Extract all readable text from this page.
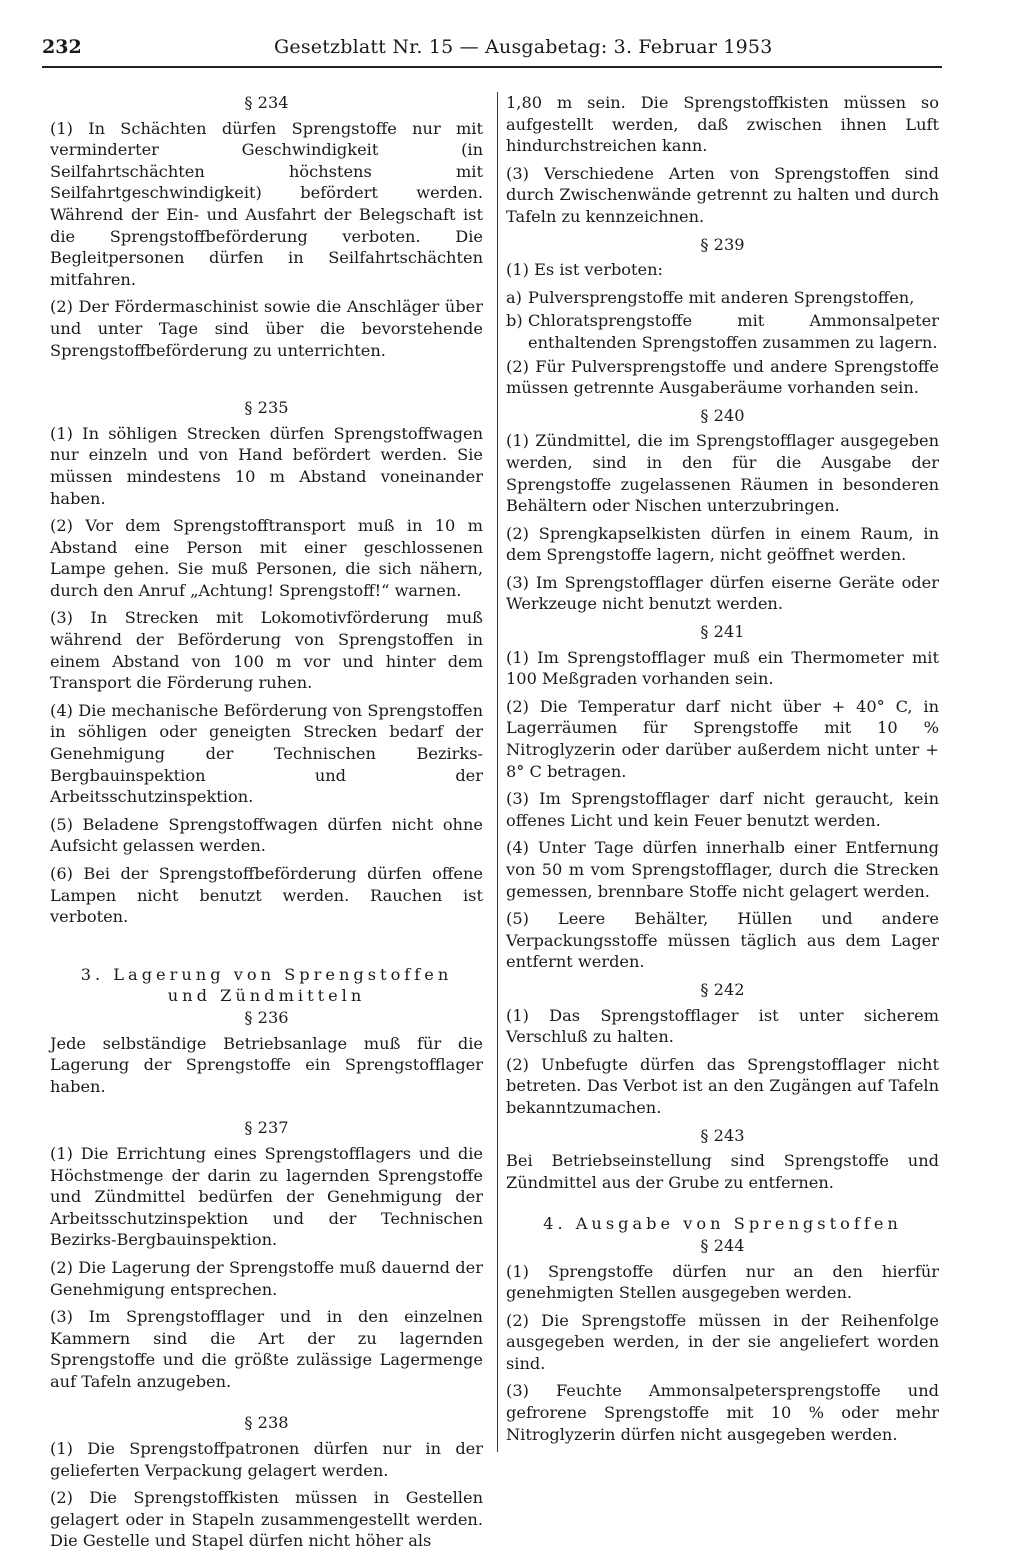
232	Gesetzblatt Nr. 15 — Ausgabetag: 3. Februar 1953

§ 234

(1) In Schächten dürfen Sprengstoffe nur mit verminderter Geschwindigkeit (in Seilfahrtschächten höchstens mit Seilfahrtgeschwindigkeit) befördert werden. Während der Ein- und Ausfahrt der Belegschaft ist die Sprengstoffbeförderung verboten. Die Begleitpersonen dürfen in Seilfahrtschächten mitfahren.

(2) Der Fördermaschinist sowie die Anschläger über und unter Tage sind über die bevorstehende Sprengstoffbeförderung zu unterrichten.

§ 235

(1) In söhligen Strecken dürfen Sprengstoffwagen nur einzeln und von Hand befördert werden. Sie müssen mindestens 10 m Abstand voneinander haben.

(2) Vor dem Sprengstofftransport muß in 10 m Abstand eine Person mit einer geschlossenen Lampe gehen. Sie muß Personen, die sich nähern, durch den Anruf „Achtung! Sprengstoff!“ warnen.

(3) In Strecken mit Lokomotivförderung muß während der Beförderung von Sprengstoffen in einem Abstand von 100 m vor und hinter dem Transport die Förderung ruhen.

(4) Die mechanische Beförderung von Sprengstoffen in söhligen oder geneigten Strecken bedarf der Genehmigung der Technischen Bezirks-Bergbauinspektion und der Arbeitsschutzinspektion.

(5) Beladene Sprengstoffwagen dürfen nicht ohne Aufsicht gelassen werden.

(6) Bei der Sprengstoffbeförderung dürfen offene Lampen nicht benutzt werden. Rauchen ist verboten.

3. Lagerung von Sprengstoffen

und Zündmitteln

§ 236

Jede selbständige Betriebsanlage muß für die Lagerung der Sprengstoffe ein Sprengstofflager haben.

§ 237

(1) Die Errichtung eines Sprengstofflagers und die Höchstmenge der darin zu lagernden Sprengstoffe und Zündmittel bedürfen der Genehmigung der Arbeitsschutzinspektion und der Technischen Bezirks-Bergbauinspektion.

(2) Die Lagerung der Sprengstoffe muß dauernd der Genehmigung entsprechen.

(3) Im Sprengstofflager und in den einzelnen Kammern sind die Art der zu lagernden Sprengstoffe und die größte zulässige Lagermenge auf Tafeln anzugeben.

§ 238

(1) Die Sprengstoffpatronen dürfen nur in der gelieferten Verpackung gelagert werden.

(2) Die Sprengstoffkisten müssen in Gestellen gelagert oder in Stapeln zusammengestellt werden. Die Gestelle und Stapel dürfen nicht höher als

1,80 m sein. Die Sprengstoffkisten müssen so aufgestellt werden, daß zwischen ihnen Luft hindurchstreichen kann.

(3) Verschiedene Arten von Sprengstoffen sind durch Zwischenwände getrennt zu halten und durch Tafeln zu kennzeichnen.

§ 239

(1) Es ist verboten:

a) Pulversprengstoffe mit anderen Sprengstoffen,
b) Chloratsprengstoffe mit Ammonsalpeter enthaltenden Sprengstoffen zusammen zu lagern.

(2) Für Pulversprengstoffe und andere Sprengstoffe müssen getrennte Ausgaberäume vorhanden sein.

§ 240

(1) Zündmittel, die im Sprengstofflager ausgegeben werden, sind in den für die Ausgabe der Sprengstoffe zugelassenen Räumen in besonderen Behältern oder Nischen unterzubringen.

(2) Sprengkapselkisten dürfen in einem Raum, in dem Sprengstoffe lagern, nicht geöffnet werden.

(3) Im Sprengstofflager dürfen eiserne Geräte oder Werkzeuge nicht benutzt werden.

§ 241

(1) Im Sprengstofflager muß ein Thermometer mit 100 Meßgraden vorhanden sein.

(2) Die Temperatur darf nicht über + 40° C, in Lagerräumen für Sprengstoffe mit 10 % Nitroglyzerin oder darüber außerdem nicht unter + 8° C betragen.

(3) Im Sprengstofflager darf nicht geraucht, kein offenes Licht und kein Feuer benutzt werden.

(4) Unter Tage dürfen innerhalb einer Entfernung von 50 m vom Sprengstofflager, durch die Strecken gemessen, brennbare Stoffe nicht gelagert werden.

(5) Leere Behälter, Hüllen und andere Verpackungsstoffe müssen täglich aus dem Lager entfernt werden.

§ 242

(1) Das Sprengstofflager ist unter sicherem Verschluß zu halten.

(2) Unbefugte dürfen das Sprengstofflager nicht betreten. Das Verbot ist an den Zugängen auf Tafeln bekanntzumachen.

§ 243

Bei Betriebseinstellung sind Sprengstoffe und Zündmittel aus der Grube zu entfernen.

4. Ausgabe von Sprengstoffen

§ 244

(1) Sprengstoffe dürfen nur an den hierfür genehmigten Stellen ausgegeben werden.

(2) Die Sprengstoffe müssen in der Reihenfolge ausgegeben werden, in der sie angeliefert worden sind.

(3) Feuchte Ammonsalpetersprengstoffe und gefrorene Sprengstoffe mit 10 % oder mehr Nitroglyzerin dürfen nicht ausgegeben werden.
